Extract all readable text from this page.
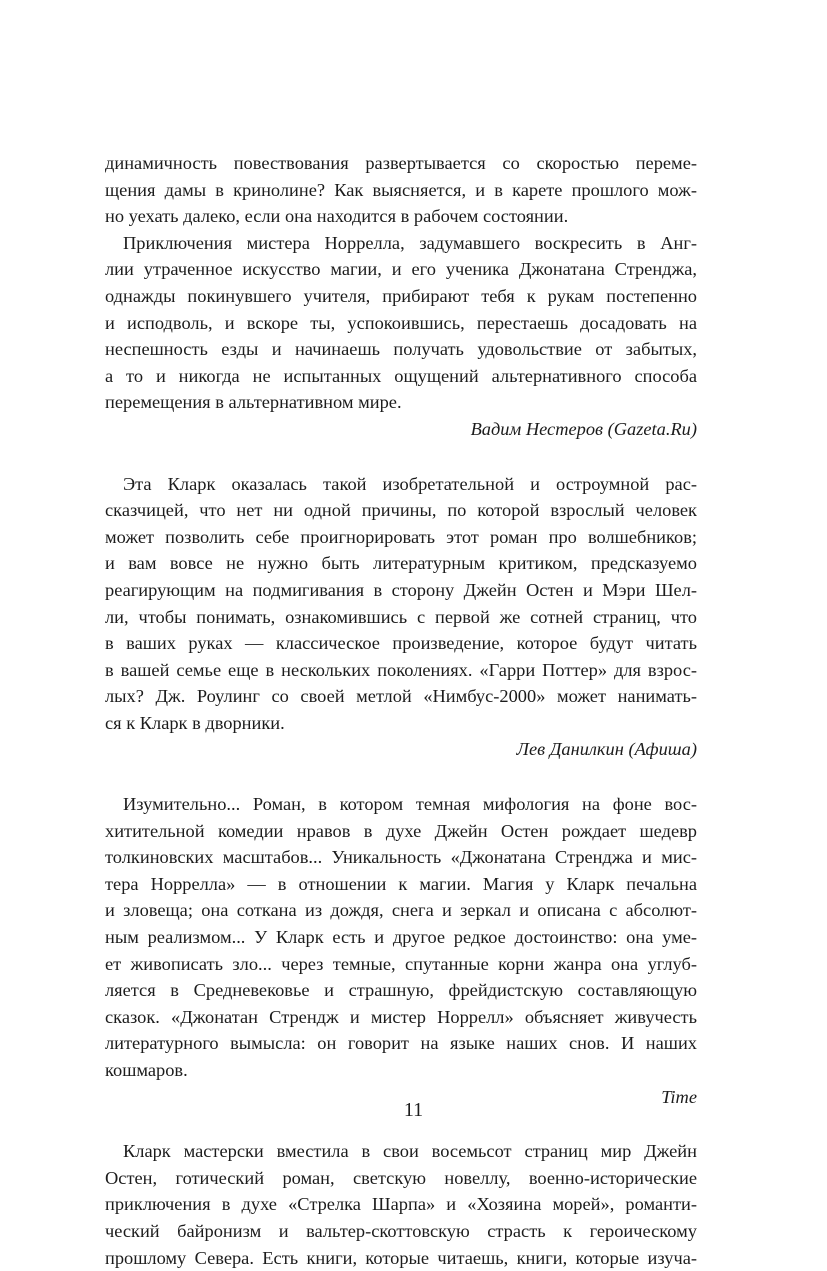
динамичность повествования развертывается со скоростью переме-
щения дамы в кринолине? Как выясняется, и в карете прошлого мож-
но уехать далеко, если она находится в рабочем состоянии.
Приключения мистера Норрелла, задумавшего воскресить в Анг-
лии утраченное искусство магии, и его ученика Джонатана Стренджа,
однажды покинувшего учителя, прибирают тебя к рукам постепенно
и исподволь, и вскоре ты, успокоившись, перестаешь досадовать на
неспешность езды и начинаешь получать удовольствие от забытых,
а то и никогда не испытанных ощущений альтернативного способа
перемещения в альтернативном мире.
Вадим Нестеров (Gazeta.Ru)
Эта Кларк оказалась такой изобретательной и остроумной рас-
сказчицей, что нет ни одной причины, по которой взрослый человек
может позволить себе проигнорировать этот роман про волшебников;
и вам вовсе не нужно быть литературным критиком, предсказуемо
реагирующим на подмигивания в сторону Джейн Остен и Мэри Шел-
ли, чтобы понимать, ознакомившись с первой же сотней страниц, что
в ваших руках — классическое произведение, которое будут читать
в вашей семье еще в нескольких поколениях. «Гарри Поттер» для взрос-
лых? Дж. Роулинг со своей метлой «Нимбус-2000» может нанимать-
ся к Кларк в дворники.
Лев Данилкин (Афиша)
Изумительно... Роман, в котором темная мифология на фоне вос-
хитительной комедии нравов в духе Джейн Остен рождает шедевр
толкиновских масштабов... Уникальность «Джонатана Стренджа и мис-
тера Норрелла» — в отношении к магии. Магия у Кларк печальна
и зловеща; она соткана из дождя, снега и зеркал и описана с абсолют-
ным реализмом... У Кларк есть и другое редкое достоинство: она уме-
ет живописать зло... через темные, спутанные корни жанра она углуб-
ляется в Средневековье и страшную, фрейдистскую составляющую
сказок. «Джонатан Стрендж и мистер Норрелл» объясняет живучесть
литературного вымысла: он говорит на языке наших снов. И наших
кошмаров.
Time
Кларк мастерски вместила в свои восемьсот страниц мир Джейн
Остен, готический роман, светскую новеллу, военно-исторические
приключения в духе «Стрелка Шарпа» и «Хозяина морей», романти-
ческий байронизм и вальтер-скоттовскую страсть к героическому
прошлому Севера. Есть книги, которые читаешь, книги, которые изуча-
11
